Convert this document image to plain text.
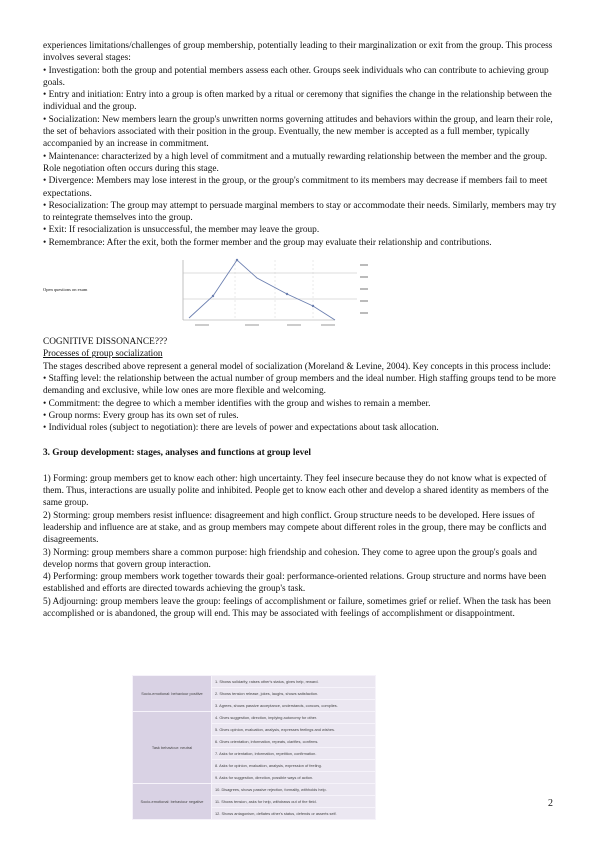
experiences limitations/challenges of group membership, potentially leading to their marginalization or exit from the group. This process involves several stages:

• Investigation: both the group and potential members assess each other. Groups seek individuals who can contribute to achieving group goals.

• Entry and initiation: Entry into a group is often marked by a ritual or ceremony that signifies the change in the relationship between the individual and the group.

• Socialization: New members learn the group's unwritten norms governing attitudes and behaviors within the group, and learn their role, the set of behaviors associated with their position in the group. Eventually, the new member is accepted as a full member, typically accompanied by an increase in commitment.

• Maintenance: characterized by a high level of commitment and a mutually rewarding relationship between the member and the group. Role negotiation often occurs during this stage.

• Divergence: Members may lose interest in the group, or the group's commitment to its members may decrease if members fail to meet expectations.

• Resocialization: The group may attempt to persuade marginal members to stay or accommodate their needs. Similarly, members may try to reintegrate themselves into the group.

• Exit: If resocialization is unsuccessful, the member may leave the group.

• Remembrance: After the exit, both the former member and the group may evaluate their relationship and contributions.

Open questions on exam

COGNITIVE DISSONANCE???

Processes of group socialization

The stages described above represent a general model of socialization (Moreland & Levine, 2004). Key concepts in this process include:

• Staffing level: the relationship between the actual number of group members and the ideal number. High staffing groups tend to be more demanding and exclusive, while low ones are more flexible and welcoming.

• Commitment: the degree to which a member identifies with the group and wishes to remain a member.

• Group norms: Every group has its own set of rules.

• Individual roles (subject to negotiation): there are levels of power and expectations about task allocation.

3. Group development: stages, analyses and functions at group level

1) Forming: group members get to know each other: high uncertainty. They feel insecure because they do not know what is expected of them. Thus, interactions are usually polite and inhibited. People get to know each other and develop a shared identity as members of the same group.

2) Storming: group members resist influence: disagreement and high conflict. Group structure needs to be developed. Here issues of leadership and influence are at stake, and as group members may compete about different roles in the group, there may be conflicts and disagreements.

3) Norming: group members share a common purpose: high friendship and cohesion. They come to agree upon the group's goals and develop norms that govern group interaction.

4) Performing: group members work together towards their goal: performance-oriented relations. Group structure and norms have been established and efforts are directed towards achieving the group's task.

5) Adjourning: group members leave the group: feelings of accomplishment or failure, sometimes grief or relief. When the task has been accomplished or is abandoned, the group will end. This may be associated with feelings of accomplishment or disappointment.

Socio-emotional: behaviour positive	1. Shows solidarity, raises other's status, gives help, reward.
	2. Shows tension release, jokes, laughs, shows satisfaction.
	3. Agrees, shows passive acceptance, understands, concurs, complies.
Task behaviour: neutral	4. Gives suggestion, direction, implying autonomy for other.
	5. Gives opinion, evaluation, analysis, expresses feelings and wishes.
	6. Gives orientation, information, repeats, clarifies, confirms.
	7. Asks for orientation, information, repetition, confirmation.
	8. Asks for opinion, evaluation, analysis, expression of feeling.
	9. Asks for suggestion, direction, possible ways of action.
Socio-emotional: behaviour negative	10. Disagrees, shows passive rejection, formality, withholds help.
	11. Shows tension, asks for help, withdraws out of the field.
	12. Shows antagonism, deflates other's status, defends or asserts self.
2
